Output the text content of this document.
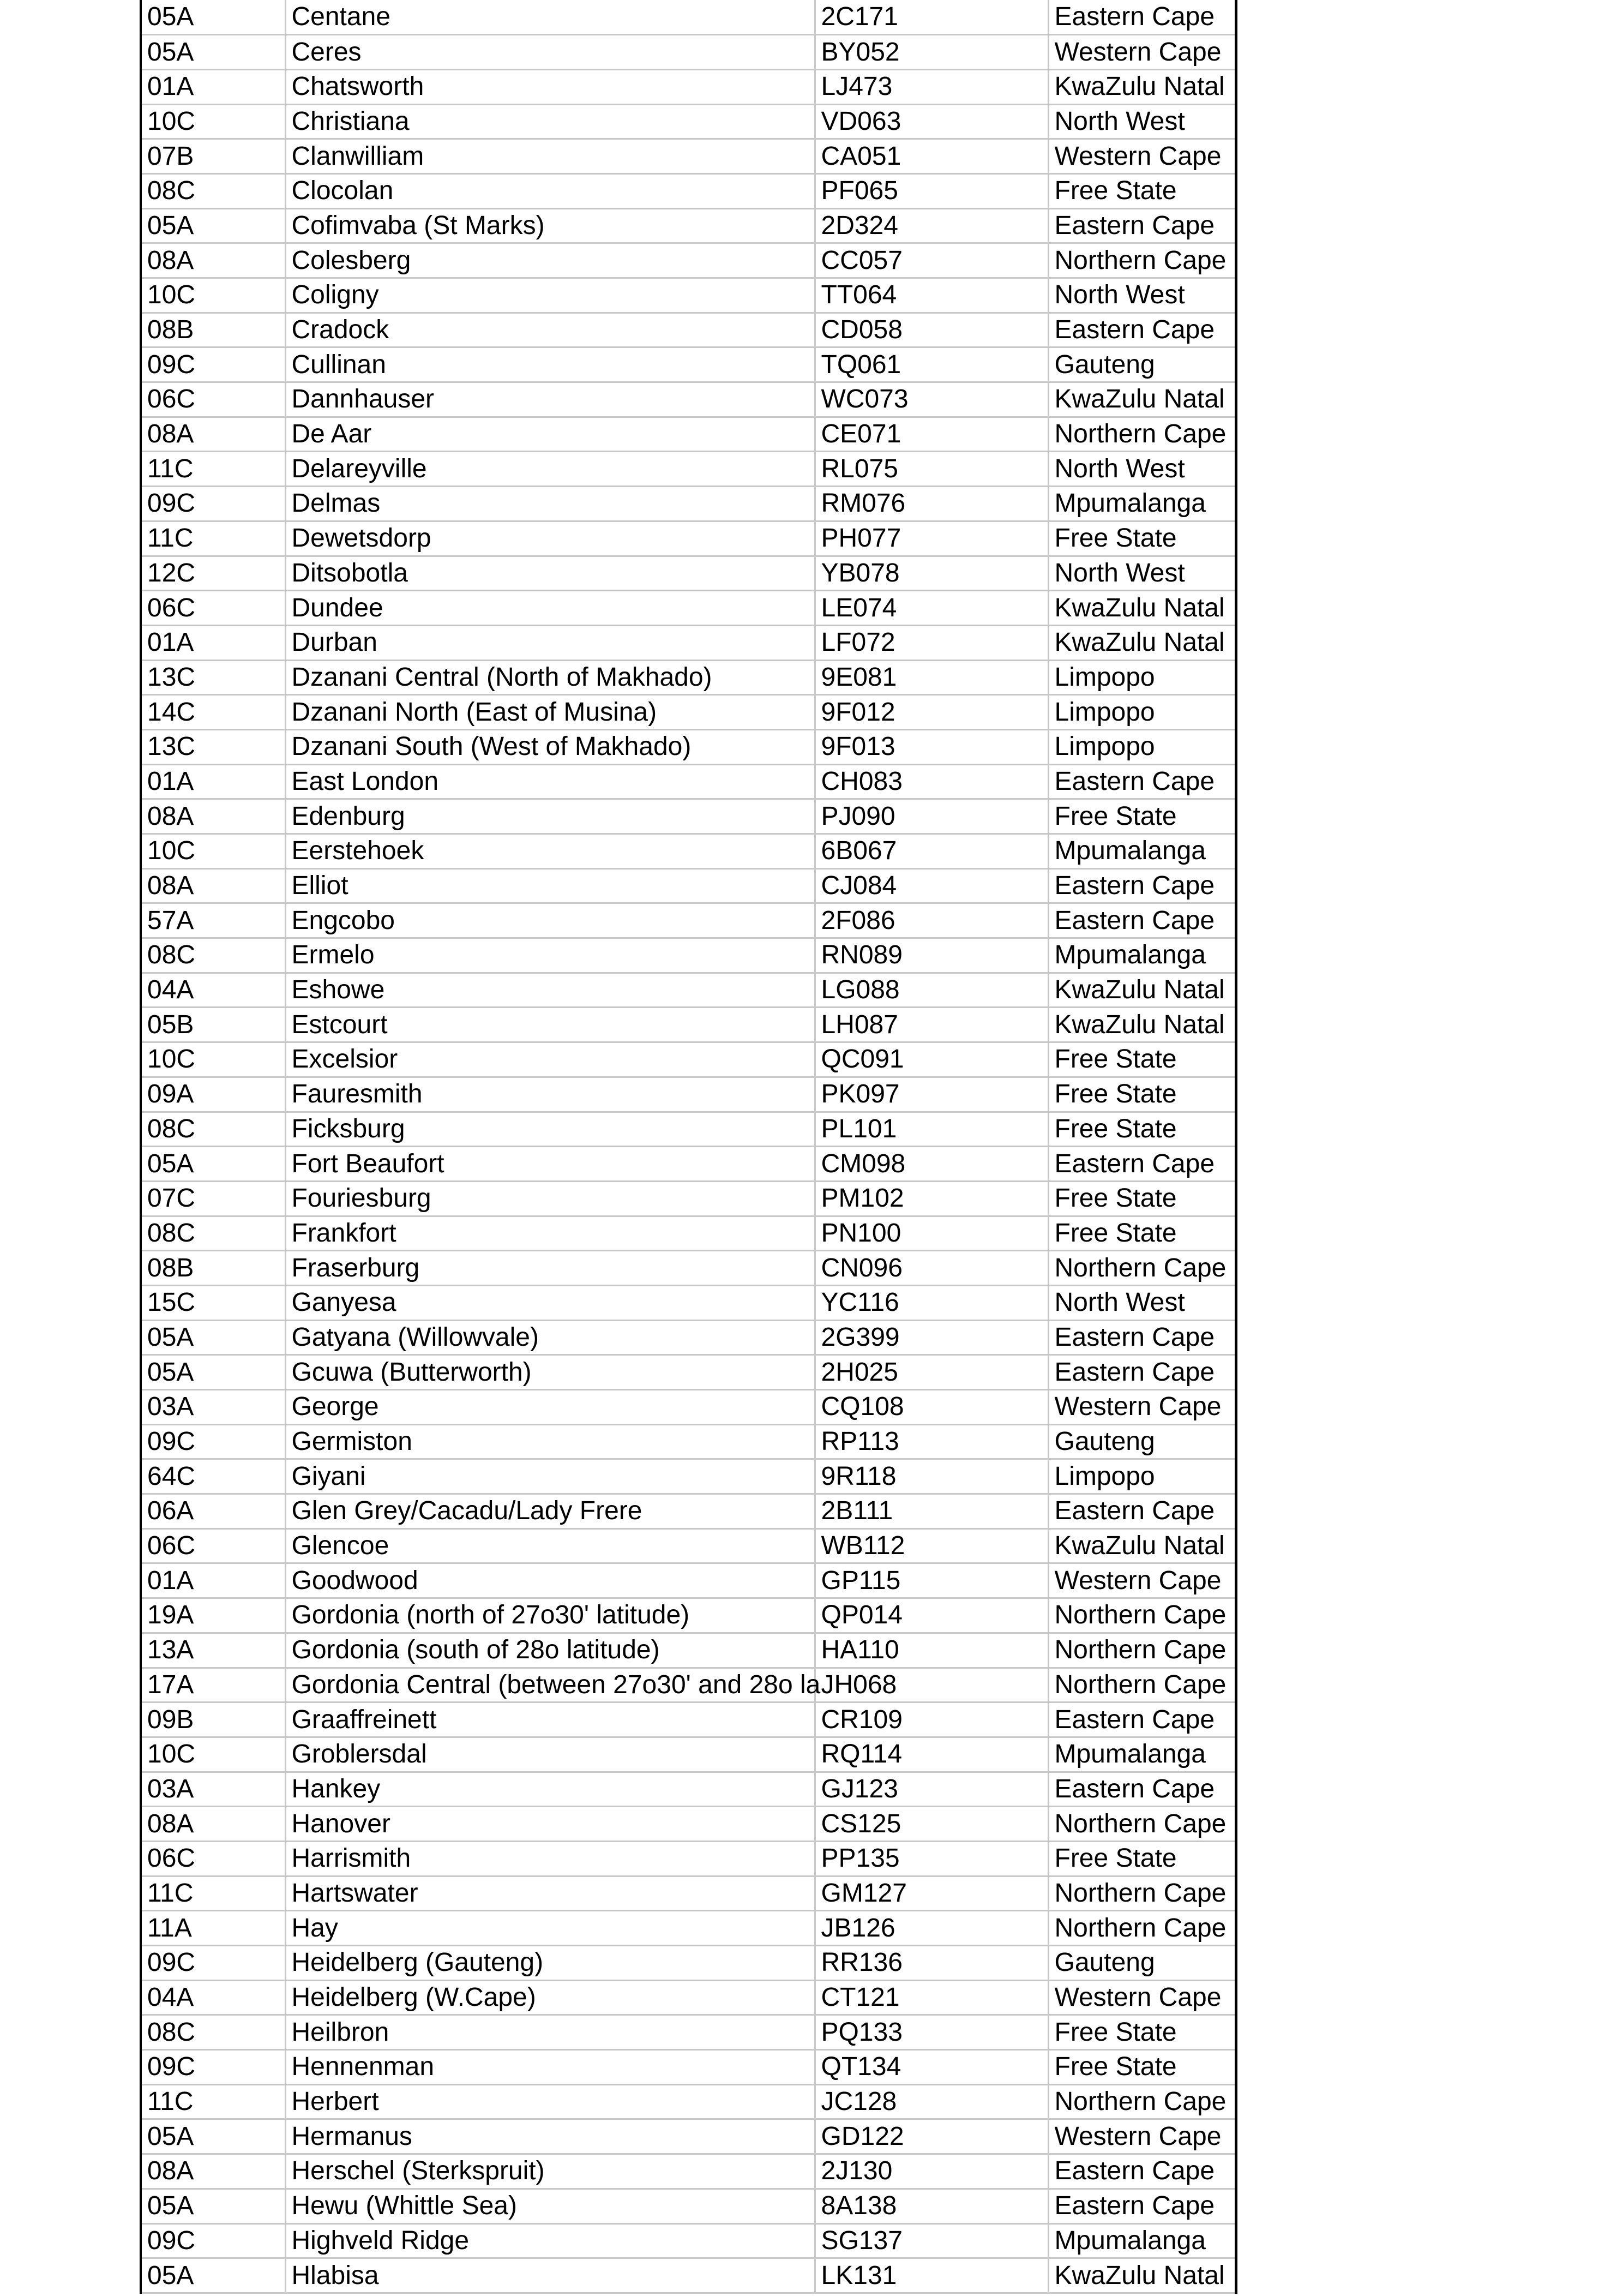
05A	Centane	2C171	Eastern Cape
05A	Ceres	BY052	Western Cape
01A	Chatsworth	LJ473	KwaZulu Natal
10C	Christiana	VD063	North West
07B	Clanwilliam	CA051	Western Cape
08C	Clocolan	PF065	Free State
05A	Cofimvaba (St Marks)	2D324	Eastern Cape
08A	Colesberg	CC057	Northern Cape
10C	Coligny	TT064	North West
08B	Cradock	CD058	Eastern Cape
09C	Cullinan	TQ061	Gauteng
06C	Dannhauser	WC073	KwaZulu Natal
08A	De Aar	CE071	Northern Cape
11C	Delareyville	RL075	North West
09C	Delmas	RM076	Mpumalanga
11C	Dewetsdorp	PH077	Free State
12C	Ditsobotla	YB078	North West
06C	Dundee	LE074	KwaZulu Natal
01A	Durban	LF072	KwaZulu Natal
13C	Dzanani Central (North of Makhado)	9E081	Limpopo
14C	Dzanani North (East of Musina)	9F012	Limpopo
13C	Dzanani South (West of Makhado)	9F013	Limpopo
01A	East London	CH083	Eastern Cape
08A	Edenburg	PJ090	Free State
10C	Eerstehoek	6B067	Mpumalanga
08A	Elliot	CJ084	Eastern Cape
57A	Engcobo	2F086	Eastern Cape
08C	Ermelo	RN089	Mpumalanga
04A	Eshowe	LG088	KwaZulu Natal
05B	Estcourt	LH087	KwaZulu Natal
10C	Excelsior	QC091	Free State
09A	Fauresmith	PK097	Free State
08C	Ficksburg	PL101	Free State
05A	Fort Beaufort	CM098	Eastern Cape
07C	Fouriesburg	PM102	Free State
08C	Frankfort	PN100	Free State
08B	Fraserburg	CN096	Northern Cape
15C	Ganyesa	YC116	North West
05A	Gatyana (Willowvale)	2G399	Eastern Cape
05A	Gcuwa (Butterworth)	2H025	Eastern Cape
03A	George	CQ108	Western Cape
09C	Germiston	RP113	Gauteng
64C	Giyani	9R118	Limpopo
06A	Glen Grey/Cacadu/Lady Frere	2B111	Eastern Cape
06C	Glencoe	WB112	KwaZulu Natal
01A	Goodwood	GP115	Western Cape
19A	Gordonia (north of 27o30' latitude)	QP014	Northern Cape
13A	Gordonia (south of 28o latitude)	HA110	Northern Cape
17A	Gordonia Central (between 27o30' and 28o la	JH068	Northern Cape
09B	Graaffreinett	CR109	Eastern Cape
10C	Groblersdal	RQ114	Mpumalanga
03A	Hankey	GJ123	Eastern Cape
08A	Hanover	CS125	Northern Cape
06C	Harrismith	PP135	Free State
11C	Hartswater	GM127	Northern Cape
11A	Hay	JB126	Northern Cape
09C	Heidelberg (Gauteng)	RR136	Gauteng
04A	Heidelberg (W.Cape)	CT121	Western Cape
08C	Heilbron	PQ133	Free State
09C	Hennenman	QT134	Free State
11C	Herbert	JC128	Northern Cape
05A	Hermanus	GD122	Western Cape
08A	Herschel (Sterkspruit)	2J130	Eastern Cape
05A	Hewu (Whittle Sea)	8A138	Eastern Cape
09C	Highveld Ridge	SG137	Mpumalanga
05A	Hlabisa	LK131	KwaZulu Natal
